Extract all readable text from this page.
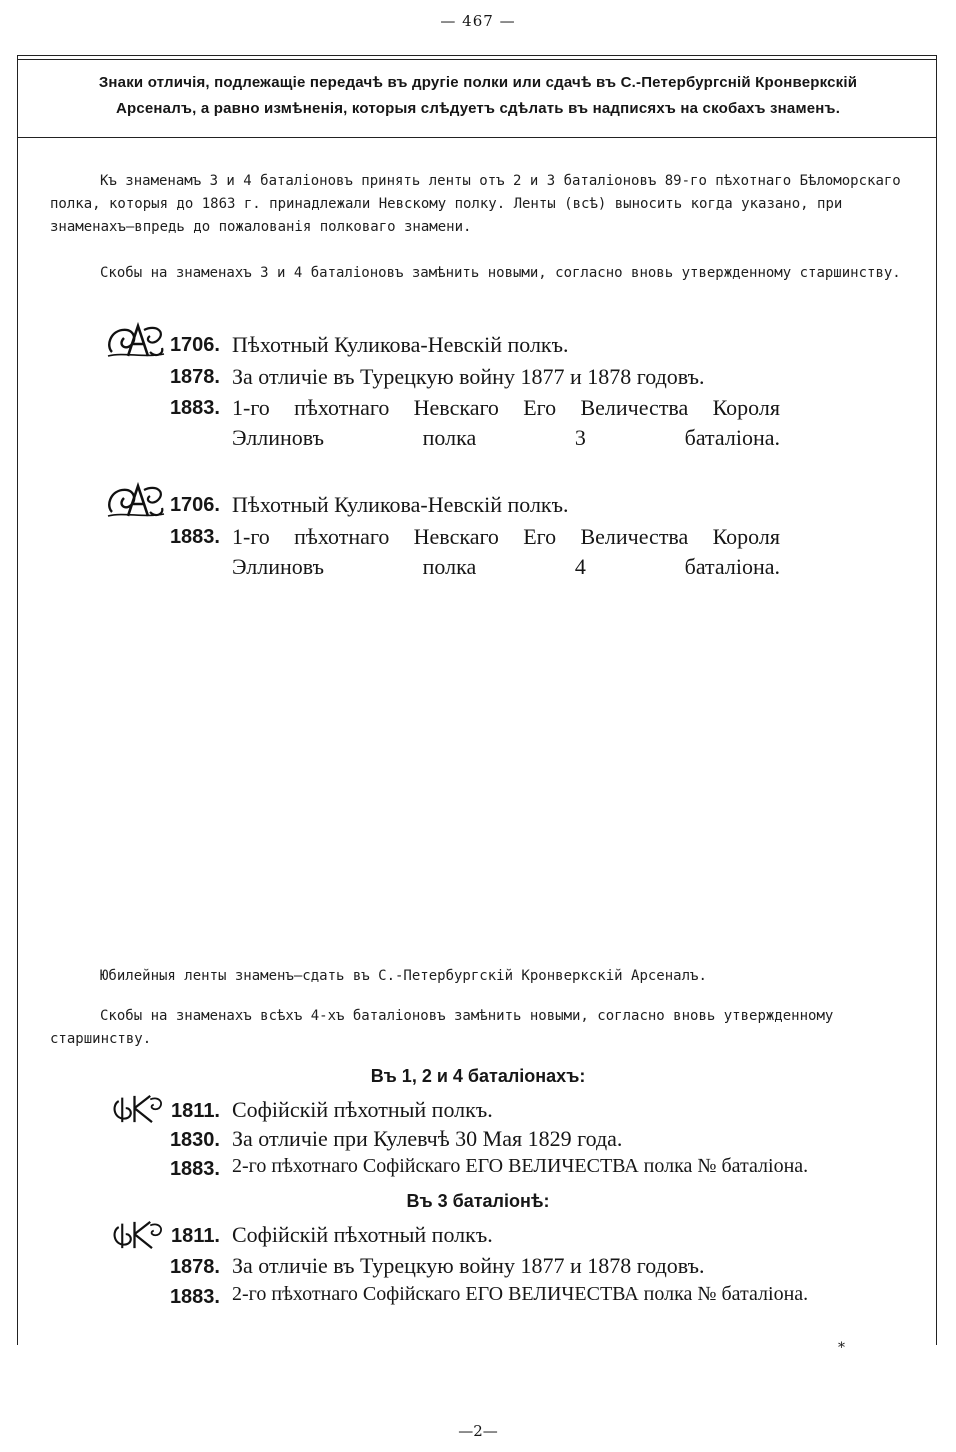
— 467 —
Знаки отличія, подлежащіе передачѣ въ другіе полки или сдачѣ въ С.-Петербургсній Кронверкскій
Арсеналъ, а равно измѣненія, которыя слѣдуетъ сдѣлать въ надписяхъ на скобахъ знаменъ.
Къ знаменамъ 3 и 4 баталіоновъ принять ленты отъ 2 и 3 баталіоновъ 89-го пѣхотнаго Бѣломорскаго полка, которыя до 1863 г. принадлежали Невскому полку. Ленты (всѣ) выносить когда указано, при знаменахъ—впредь до пожалованія полковаго знамени.
Скобы на знаменахъ 3 и 4 баталіоновъ замѣнить новыми, согласно вновь утвержденному старшинству.
1706. Пѣхотный Куликова-Невскій полкъ.
1878. За отличіе въ Турецкую войну 1877 и 1878 годовъ.
1883. 1-го пѣхотнаго Невскаго Его Величества Короля Эллиновъ полка 3 баталіона.
1706. Пѣхотный Куликова-Невскій полкъ.
1883. 1-го пѣхотнаго Невскаго Его Величества Короля Эллиновъ полка 4 баталіона.
Юбилейныя ленты знаменъ—сдать въ С.-Петербургскій Кронверкскій Арсеналъ.
Скобы на знаменахъ всѣхъ 4-хъ баталіоновъ замѣнить новыми, согласно вновь утвержденному старшинству.
Въ 1, 2 и 4 баталіонахъ:
1811. Софійскій пѣхотный полкъ.
1830. За отличіе при Кулевчѣ 30 Мая 1829 года.
1883. 2-го пѣхотнаго Софійскаго ЕГО ВЕЛИЧЕСТВА полка № баталіона.
Въ 3 баталіонѣ:
1811. Софійскій пѣхотный полкъ.
1878. За отличіе въ Турецкую войну 1877 и 1878 годовъ.
1883. 2-го пѣхотнаго Софійскаго ЕГО ВЕЛИЧЕСТВА полка № баталіона.
*
—2—
